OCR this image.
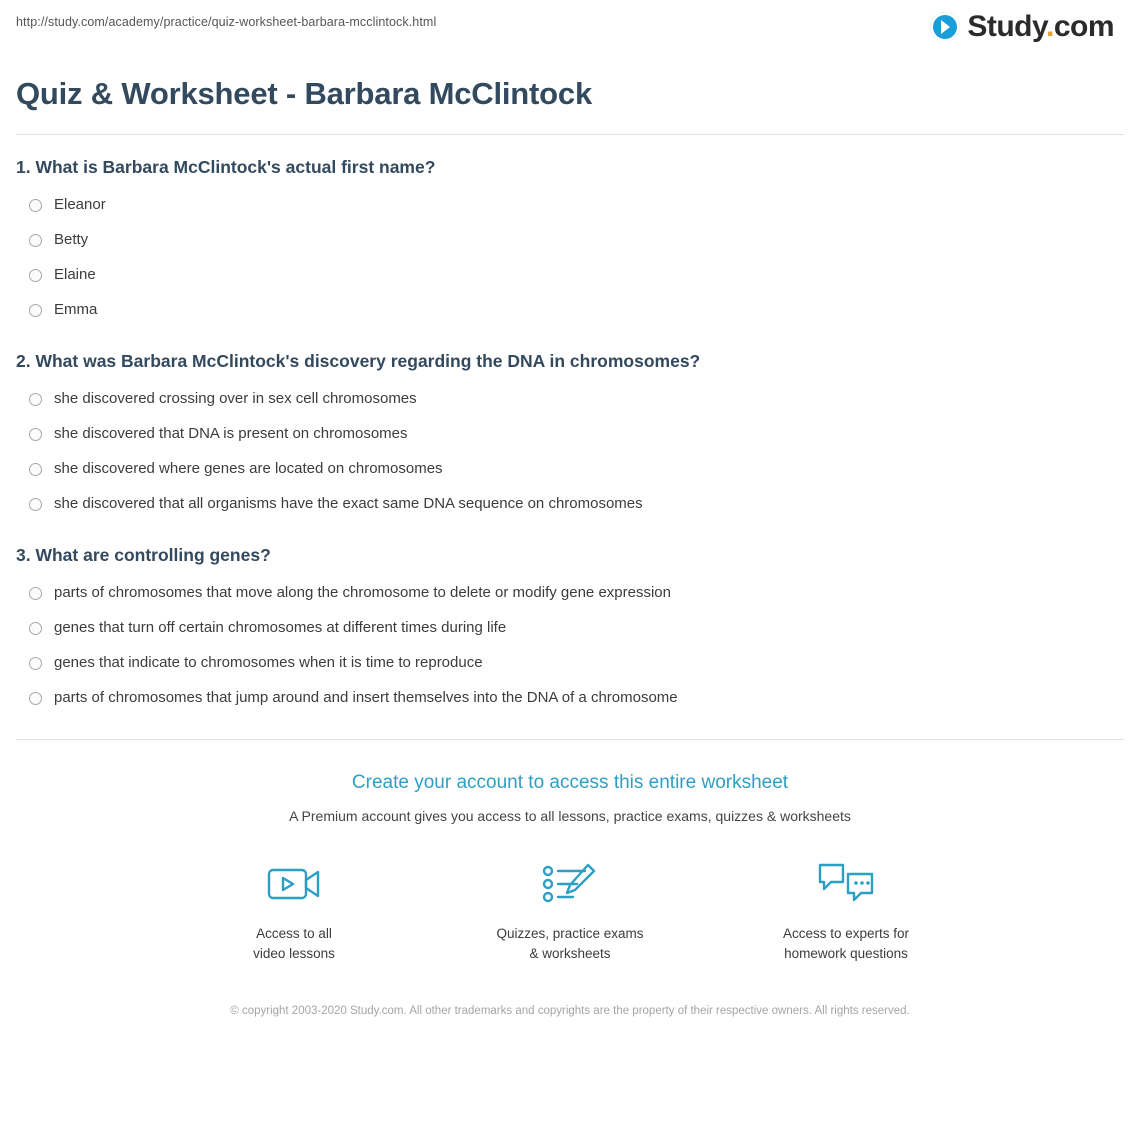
http://study.com/academy/practice/quiz-worksheet-barbara-mcclintock.html	Study.com
Quiz & Worksheet - Barbara McClintock

1. What is Barbara McClintock's actual first name?

Eleanor
Betty
Elaine
Emma

2. What was Barbara McClintock's discovery regarding the DNA in chromosomes?

she discovered crossing over in sex cell chromosomes
she discovered that DNA is present on chromosomes
she discovered where genes are located on chromosomes
she discovered that all organisms have the exact same DNA sequence on chromosomes

3. What are controlling genes?

parts of chromosomes that move along the chromosome to delete or modify gene expression
genes that turn off certain chromosomes at different times during life
genes that indicate to chromosomes when it is time to reproduce
parts of chromosomes that jump around and insert themselves into the DNA of a chromosome

Create your account to access this entire worksheet

A Premium account gives you access to all lessons, practice exams, quizzes & worksheets

Access to all
video lessons
Quizzes, practice exams
& worksheets
Access to experts for
homework questions
© copyright 2003-2020 Study.com. All other trademarks and copyrights are the property of their respective owners. All rights reserved.
